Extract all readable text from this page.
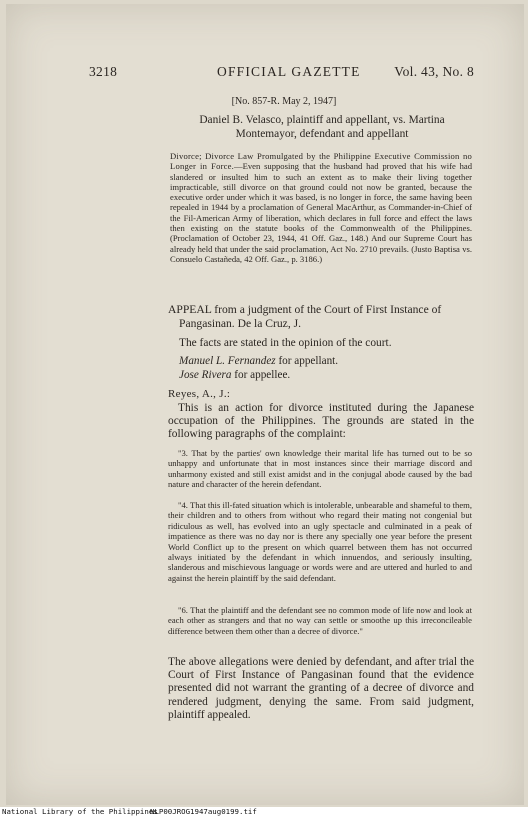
3218	OFFICIAL GAZETTE Vol. 43, No. 8
[No. 857-R. May 2, 1947]
Daniel B. Velasco, plaintiff and appellant, vs. Martina Montemayor, defendant and appellant
Divorce; Divorce Law Promulgated by the Philippine Executive Commission no Longer in Force.—Even supposing that the husband had proved that his wife had slandered or insulted him to such an extent as to make their living together impracticable, still divorce on that ground could not now be granted, because the executive order under which it was based, is no longer in force, the same having been repealed in 1944 by a proclamation of General MacArthur, as Commander-in-Chief of the Fil-American Army of liberation, which declares in full force and effect the laws then existing on the statute books of the Commonwealth of the Philippines. (Proclamation of October 23, 1944, 41 Off. Gaz., 148.) And our Supreme Court has already held that under the said proclamation, Act No. 2710 prevails. (Justo Baptisa vs. Consuelo Castañeda, 42 Off. Gaz., p. 3186.)
APPEAL from a judgment of the Court of First Instance of Pangasinan. De la Cruz, J.
The facts are stated in the opinion of the court.
Manuel L. Fernandez for appellant.
Jose Rivera for appellee.
Reyes, A., J.:
This is an action for divorce instituted during the Japanese occupation of the Philippines. The grounds are stated in the following paragraphs of the complaint:
"3. That by the parties' own knowledge their marital life has turned out to be so unhappy and unfortunate that in most instances since their marriage discord and unharmony existed and still exist amidst and in the conjugal abode caused by the bad nature and character of the herein defendant.
"4. That this ill-fated situation which is intolerable, unbearable and shameful to them, their children and to others from without who regard their mating not congenial but ridiculous as well, has evolved into an ugly spectacle and culminated in a peak of impatience as there was no day nor is there any specially one year before the present World Conflict up to the present on which quarrel between them has not occurred always initiated by the defendant in which innuendos, and seriously insulting, slanderous and mischievous language or words were and are uttered and hurled to and against the herein plaintiff by the said defendant.
"6. That the plaintiff and the defendant see no common mode of life now and look at each other as strangers and that no way can settle or smoothe up this irreconcileable difference between them other than a decree of divorce."
The above allegations were denied by defendant, and after trial the Court of First Instance of Pangasinan found that the evidence presented did not warrant the granting of a decree of divorce and rendered judgment, denying the same. From said judgment, plaintiff appealed.
National Library of the Philippines
NLP00JROG1947aug0199.tif
